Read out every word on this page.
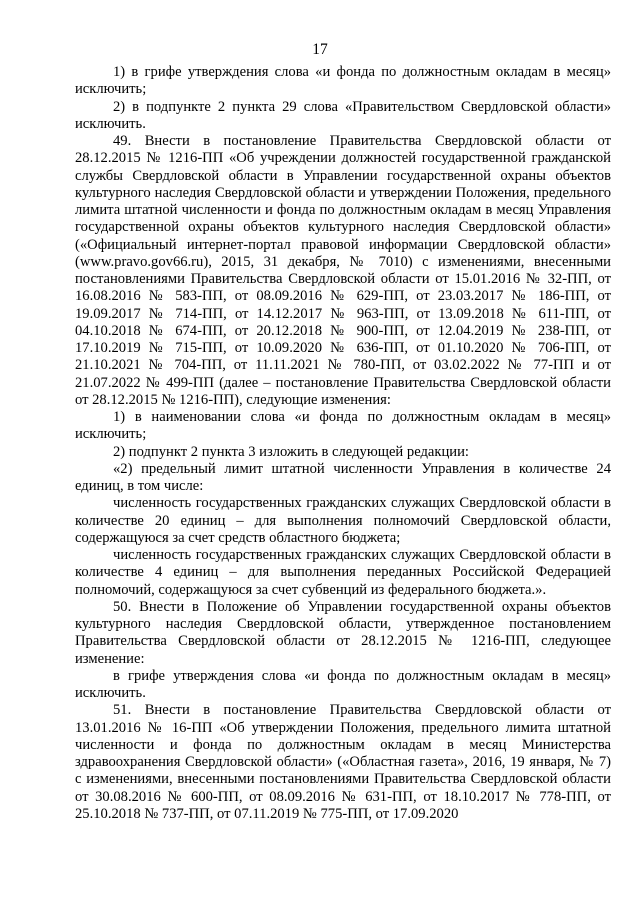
17

1) в грифе утверждения слова «и фонда по должностным окладам в месяц» исключить;

2) в подпункте 2 пункта 29 слова «Правительством Свердловской области» исключить.

49. Внести в постановление Правительства Свердловской области от 28.12.2015 № 1216-ПП «Об учреждении должностей государственной гражданской службы Свердловской области в Управлении государственной охраны объектов культурного наследия Свердловской области и утверждении Положения, предельного лимита штатной численности и фонда по должностным окладам в месяц Управления государственной охраны объектов культурного наследия Свердловской области» («Официальный интернет-портал правовой информации Свердловской области» (www.pravo.gov66.ru), 2015, 31 декабря, № 7010) с изменениями, внесенными постановлениями Правительства Свердловской области от 15.01.2016 № 32-ПП, от 16.08.2016 № 583-ПП, от 08.09.2016 № 629-ПП, от 23.03.2017 № 186-ПП, от 19.09.2017 № 714-ПП, от 14.12.2017 № 963-ПП, от 13.09.2018 № 611-ПП, от 04.10.2018 № 674-ПП, от 20.12.2018 № 900-ПП, от 12.04.2019 № 238-ПП, от 17.10.2019 № 715-ПП, от 10.09.2020 № 636-ПП, от 01.10.2020 № 706-ПП, от 21.10.2021 № 704-ПП, от 11.11.2021 № 780-ПП, от 03.02.2022 № 77-ПП и от 21.07.2022 № 499-ПП (далее – постановление Правительства Свердловской области от 28.12.2015 № 1216-ПП), следующие изменения:

1) в наименовании слова «и фонда по должностным окладам в месяц» исключить;

2) подпункт 2 пункта 3 изложить в следующей редакции:

«2) предельный лимит штатной численности Управления в количестве 24 единиц, в том числе:

численность государственных гражданских служащих Свердловской области в количестве 20 единиц – для выполнения полномочий Свердловской области, содержащуюся за счет средств областного бюджета;

численность государственных гражданских служащих Свердловской области в количестве 4 единиц – для выполнения переданных Российской Федерацией полномочий, содержащуюся за счет субвенций из федерального бюджета.».

50. Внести в Положение об Управлении государственной охраны объектов культурного наследия Свердловской области, утвержденное постановлением Правительства Свердловской области от 28.12.2015 № 1216-ПП, следующее изменение:

в грифе утверждения слова «и фонда по должностным окладам в месяц» исключить.

51. Внести в постановление Правительства Свердловской области от 13.01.2016 № 16-ПП «Об утверждении Положения, предельного лимита штатной численности и фонда по должностным окладам в месяц Министерства здравоохранения Свердловской области» («Областная газета», 2016, 19 января, № 7) с изменениями, внесенными постановлениями Правительства Свердловской области от 30.08.2016 № 600-ПП, от 08.09.2016 № 631-ПП, от 18.10.2017 № 778-ПП, от 25.10.2018 № 737-ПП, от 07.11.2019 № 775-ПП, от 17.09.2020
